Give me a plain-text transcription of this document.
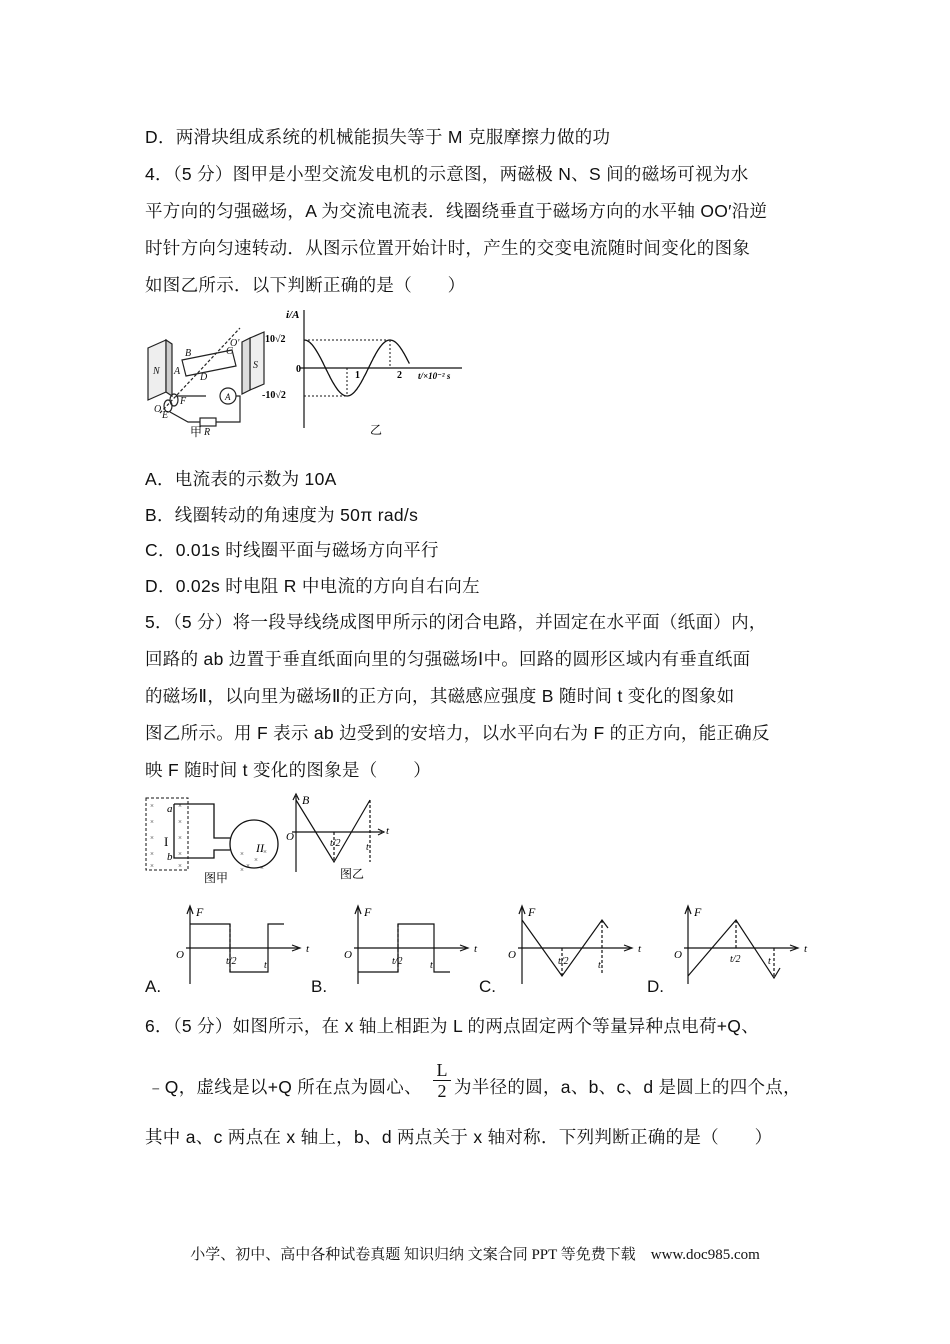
D．两滑块组成系统的机械能损失等于 M 克服摩擦力做的功
4．（5 分）图甲是小型交流发电机的示意图，两磁极 N、S 间的磁场可视为水
平方向的匀强磁场，A 为交流电流表．线圈绕垂直于磁场方向的水平轴 OO′沿逆
时针方向匀速转动．从图示位置开始计时，产生的交变电流随时间变化的图象
如图乙所示．以下判断正确的是（　　）
N
S
B	C
O'
D
A
F
E
O
R
A
甲
i/A
10√2
0
-10√2
1	2 t/×10⁻² s
乙
A．电流表的示数为 10A
B．线圈转动的角速度为 50π rad/s
C．0.01s 时线圈平面与磁场方向平行
D．0.02s 时电阻 R 中电流的方向自右向左
5．（5 分）将一段导线绕成图甲所示的闭合电路，并固定在水平面（纸面）内，
回路的 ab 边置于垂直纸面向里的匀强磁场Ⅰ中。回路的圆形区域内有垂直纸面
的磁场Ⅱ，以向里为磁场Ⅱ的正方向，其磁感应强度 B 随时间 t 变化的图象如
图乙所示。用 F 表示 ab 边受到的安培力，以水平向右为 F 的正方向，能正确反
映 F 随时间 t 变化的图象是（　　）
×
×
×
×
×
×
×
×
×
×
×
×
×
×
×
×
I	II
a
b
图甲
B
O	t
t/2	t
图乙
A.	B.	C.	D.
F
O	t
t/2	t
F
O	t
t/2	t
F
O	t
t/2	t
F
O	t
t/2	t
6．（5 分）如图所示，在 x 轴上相距为 L 的两点固定两个等量异种点电荷+Q、
﹣Q，虚线是以+Q 所在点为圆心、 $\frac{L}{2}$ 为半径的圆，a、b、c、d 是圆上的四个点，
其中 a、c 两点在 x 轴上，b、d 两点关于 x 轴对称．下列判断正确的是（　　）
小学、初中、高中各种试卷真题 知识归纳 文案合同 PPT 等免费下载　www.doc985.com
